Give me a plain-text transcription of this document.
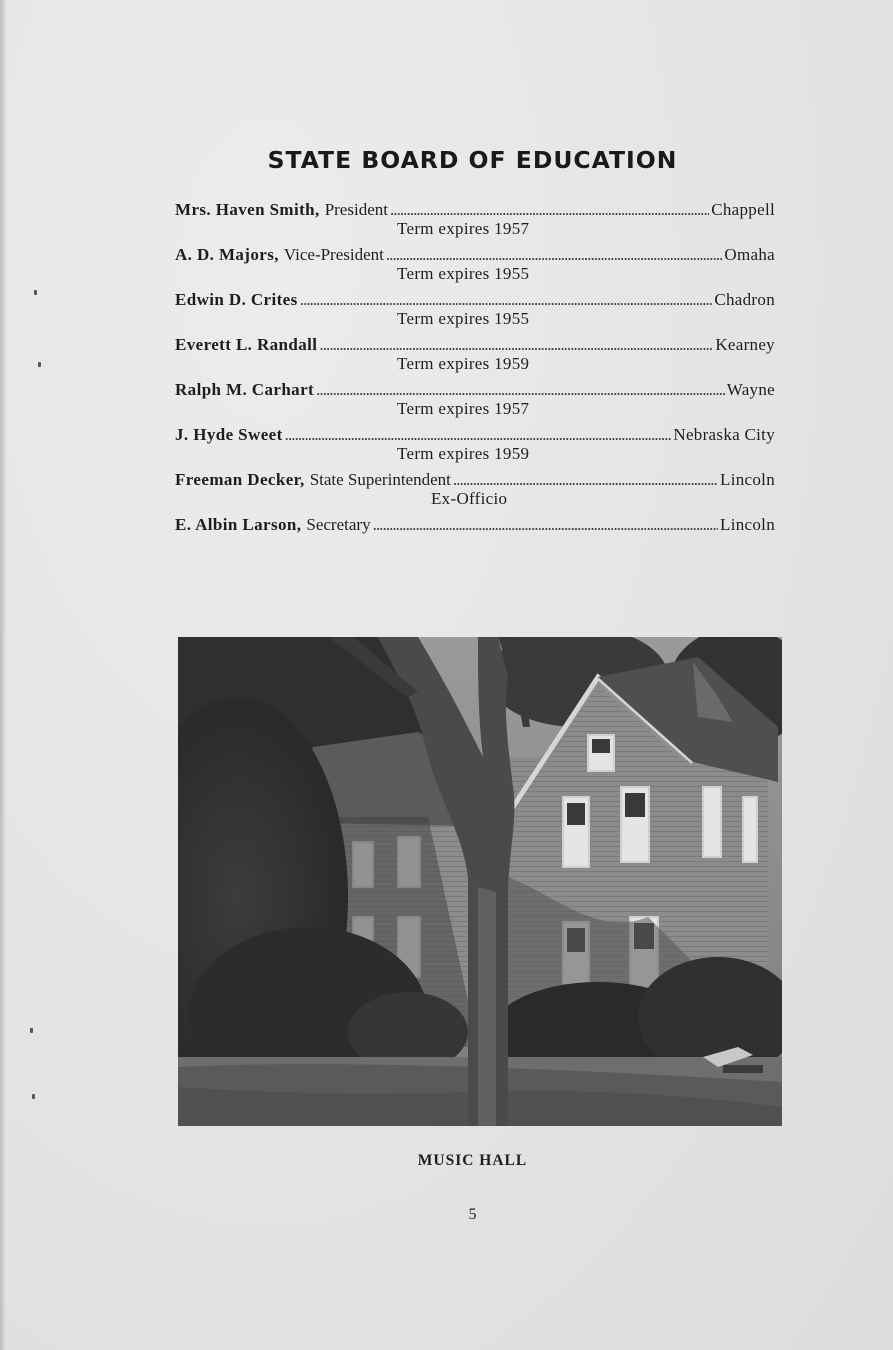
STATE BOARD OF EDUCATION
Mrs. Haven Smith, President . . .	Chappell
Term expires 1957
A. D. Majors, Vice-President . . .	Omaha
Term expires 1955
Edwin D. Crites . . .	Chadron
Term expires 1955
Everett L. Randall . . .	Kearney
Term expires 1959
Ralph M. Carhart . . .	Wayne
Term expires 1957
J. Hyde Sweet . . .	Nebraska City
Term expires 1959
Freeman Decker, State Superintendent . . .	Lincoln
Ex-Officio
E. Albin Larson, Secretary . . .	Lincoln
MUSIC HALL
5
